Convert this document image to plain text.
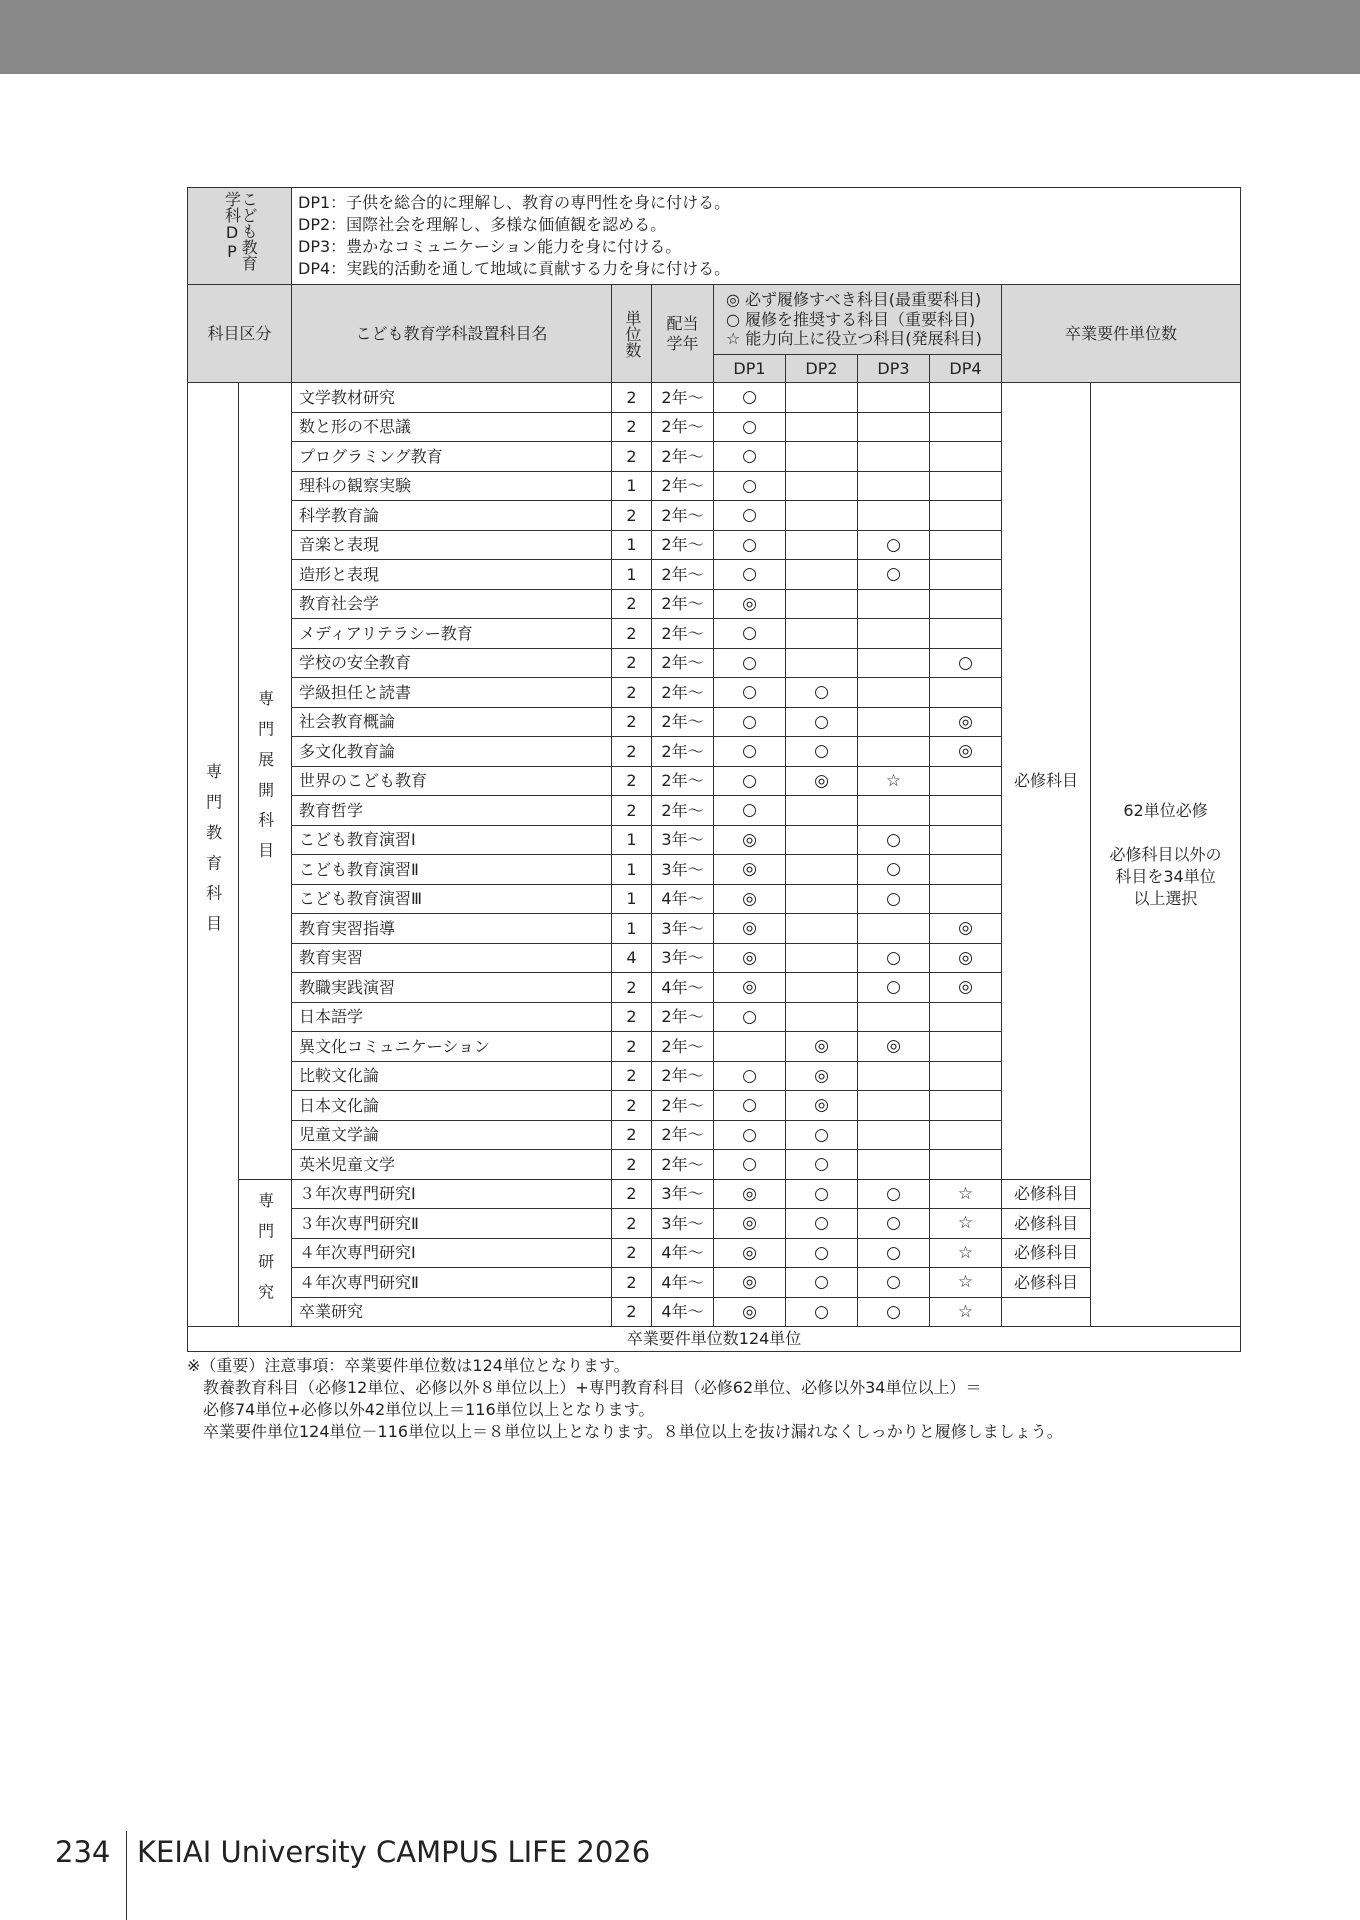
こども教育学科DP		DP1：子供を総合的に理解し、教育の専門性を身に付ける。
DP2：国際社会を理解し、多様な価値観を認める。
DP3：豊かなコミュニケーション能力を身に付ける。
DP4：実践的活動を通して地域に貢献する力を身に付ける。								

科目区分		こども教育学科設置科目名	単位数	配当学年	◎ 必ず履修すべき科目(最重要科目)
○ 履修を推奨する科目（重要科目)
☆ 能力向上に役立つ科目(発展科目)				卒業要件単位数	
					DP1	DP2	DP3	DP4		

専門教育科目	専門展開科目	文学教材研究	2	2年～	○				必修科目	62単位必修
必修科目以外の
科目を34単位
以上選択

		数と形の不思議	2	2年～	○					
		プログラミング教育	2	2年～	○					
		理科の観察実験	1	2年～	○					
		科学教育論	2	2年～	○					
		音楽と表現	1	2年～	○		○			
		造形と表現	1	2年～	○		○			
		教育社会学	2	2年～	◎					
		メディアリテラシー教育	2	2年～	○					
		学校の安全教育	2	2年～	○			○		
		学級担任と読書	2	2年～	○	○				
		社会教育概論	2	2年～	○	○		◎		
		多文化教育論	2	2年～	○	○		◎		
		世界のこども教育	2	2年～	○	◎	☆			
		教育哲学	2	2年～	○					
		こども教育演習Ⅰ	1	3年～	◎		○			
		こども教育演習Ⅱ	1	3年～	◎		○			
		こども教育演習Ⅲ	1	4年～	◎		○			
		教育実習指導	1	3年～	◎			◎		
		教育実習	4	3年～	◎		○	◎		
		教職実践演習	2	4年～	◎		○	◎		
		日本語学	2	2年～	○					
		異文化コミュニケーション	2	2年～		◎	◎			
		比較文化論	2	2年～	○	◎				
		日本文化論	2	2年～	○	◎				
		児童文学論	2	2年～	○	○				
		英米児童文学	2	2年～	○	○				

	専門研究	３年次専門研究Ⅰ	2	3年～	◎	○	○	☆	必修科目	
		３年次専門研究Ⅱ	2	3年～	◎	○	○	☆	必修科目	
		４年次専門研究Ⅰ	2	4年～	◎	○	○	☆	必修科目	
		４年次専門研究Ⅱ	2	4年～	◎	○	○	☆	必修科目	
		卒業研究	2	4年～	◎	○	○	☆		
卒業要件単位数124単位										
※（重要）注意事項：卒業要件単位数は124単位となります。
　教養教育科目（必修12単位、必修以外８単位以上）+専門教育科目（必修62単位、必修以外34単位以上）＝
　必修74単位+必修以外42単位以上＝116単位以上となります。
　卒業要件単位124単位－116単位以上＝８単位以上となります。８単位以上を抜け漏れなくしっかりと履修しましょう。
234 KEIAI University CAMPUS LIFE 2026
